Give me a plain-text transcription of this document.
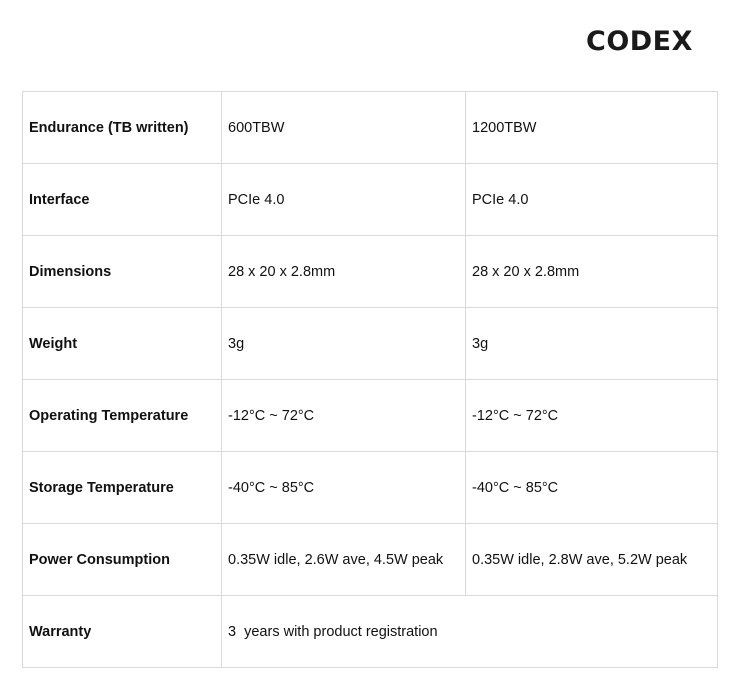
CODEX
Endurance (TB written)	600TBW	1200TBW
Interface	PCIe 4.0	PCIe 4.0
Dimensions	28 x 20 x 2.8mm	28 x 20 x 2.8mm
Weight	3g	3g
Operating Temperature	-12°C ~ 72°C	-12°C ~ 72°C
Storage Temperature	-40°C ~ 85°C	-40°C ~ 85°C
Power Consumption	0.35W idle, 2.6W ave, 4.5W peak	0.35W idle, 2.8W ave, 5.2W peak
Warranty	3  years with product registration	
